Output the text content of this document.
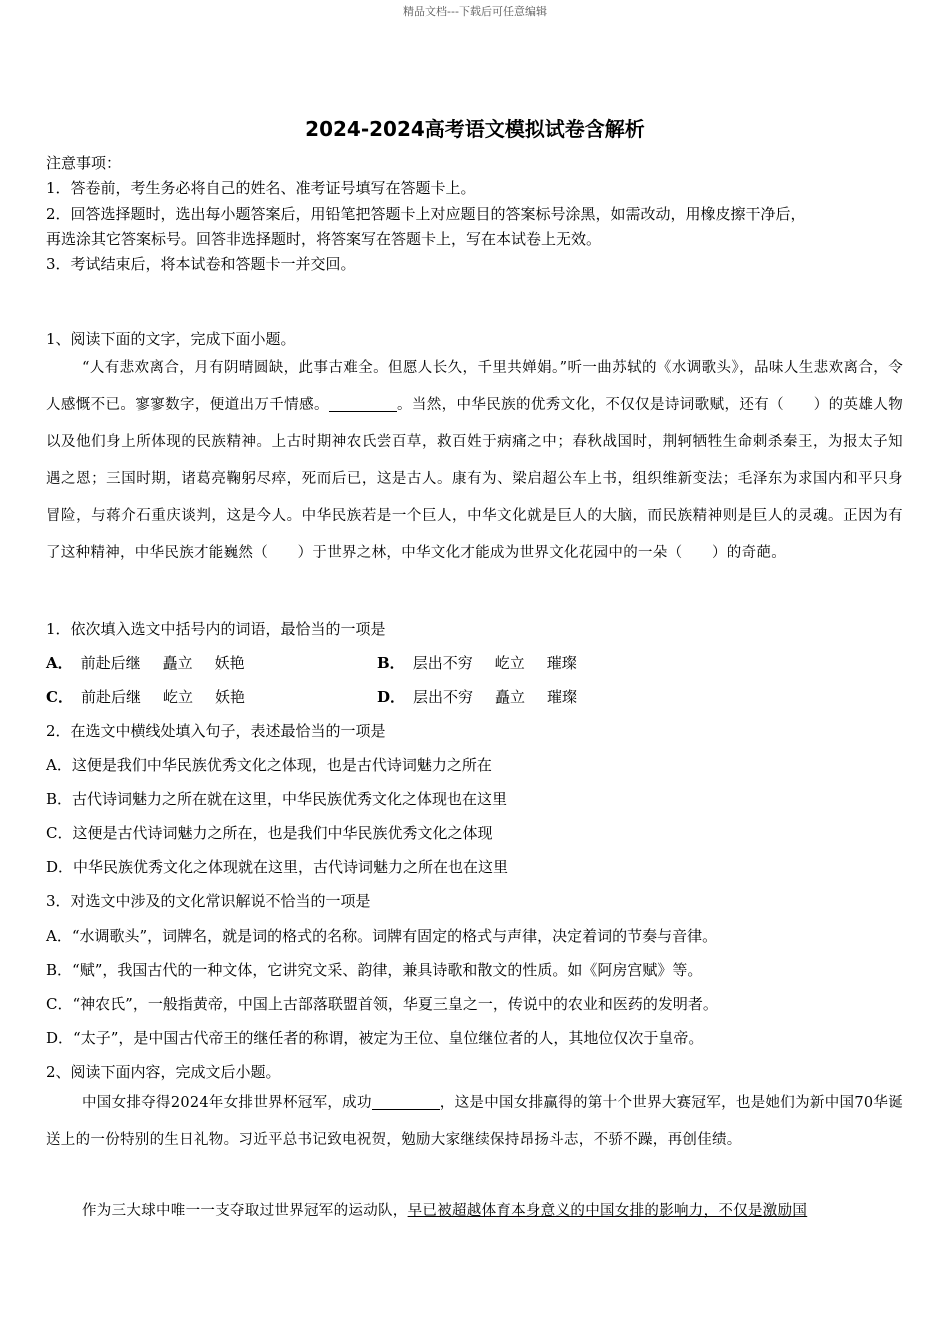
精品文档---下载后可任意编辑
2024-2024高考语文模拟试卷含解析
注意事项：
1．答卷前，考生务必将自己的姓名、准考证号填写在答题卡上。
2．回答选择题时，选出每小题答案后，用铅笔把答题卡上对应题目的答案标号涂黑，如需改动，用橡皮擦干净后，
再选涂其它答案标号。回答非选择题时，将答案写在答题卡上，写在本试卷上无效。
3．考试结束后，将本试卷和答题卡一并交回。
1、阅读下面的文字，完成下面小题。
“人有悲欢离合，月有阴晴圆缺，此事古难全。但愿人长久，千里共婵娟。”听一曲苏轼的《水调歌头》，品味人生悲欢离合，令人感慨不已。寥寥数字，便道出万千情感。	。当然，中华民族的优秀文化，不仅仅是诗词歌赋，还有（　　）的英雄人物以及他们身上所体现的民族精神。上古时期神农氏尝百草，救百姓于病痛之中；春秋战国时，荆轲牺牲生命刺杀秦王，为报太子知遇之恩；三国时期，诸葛亮鞠躬尽瘁，死而后已，这是古人。康有为、梁启超公车上书，组织维新变法；毛泽东为求国内和平只身冒险，与蒋介石重庆谈判，这是今人。中华民族若是一个巨人，中华文化就是巨人的大脑，而民族精神则是巨人的灵魂。正因为有了这种精神，中华民族才能巍然（　　）于世界之林，中华文化才能成为世界文化花园中的一朵（　　）的奇葩。
1．依次填入选文中括号内的词语，最恰当的一项是
A． 前赴后继 矗立 妖艳	B． 层出不穷 屹立 璀璨
C． 前赴后继 屹立 妖艳	D． 层出不穷 矗立 璀璨
2．在选文中横线处填入句子，表述最恰当的一项是
A．这便是我们中华民族优秀文化之体现，也是古代诗词魅力之所在
B．古代诗词魅力之所在就在这里，中华民族优秀文化之体现也在这里
C．这便是古代诗词魅力之所在，也是我们中华民族优秀文化之体现
D．中华民族优秀文化之体现就在这里，古代诗词魅力之所在也在这里
3．对选文中涉及的文化常识解说不恰当的一项是
A．“水调歌头”，词牌名，就是词的格式的名称。词牌有固定的格式与声律，决定着词的节奏与音律。
B．“赋”，我国古代的一种文体，它讲究文采、韵律，兼具诗歌和散文的性质。如《阿房宫赋》等。
C．“神农氏”，一般指黄帝，中国上古部落联盟首领，华夏三皇之一，传说中的农业和医药的发明者。
D．“太子”，是中国古代帝王的继任者的称谓，被定为王位、皇位继位者的人，其地位仅次于皇帝。
2、阅读下面内容，完成文后小题。
中国女排夺得2024年女排世界杯冠军，成功	，这是中国女排赢得的第十个世界大赛冠军，也是她们为新中国70华诞送上的一份特别的生日礼物。习近平总书记致电祝贺，勉励大家继续保持昂扬斗志，不骄不躁，再创佳绩。
作为三大球中唯一一支夺取过世界冠军的运动队，早已被超越体育本身意义的中国女排的影响力，不仅是激励国
